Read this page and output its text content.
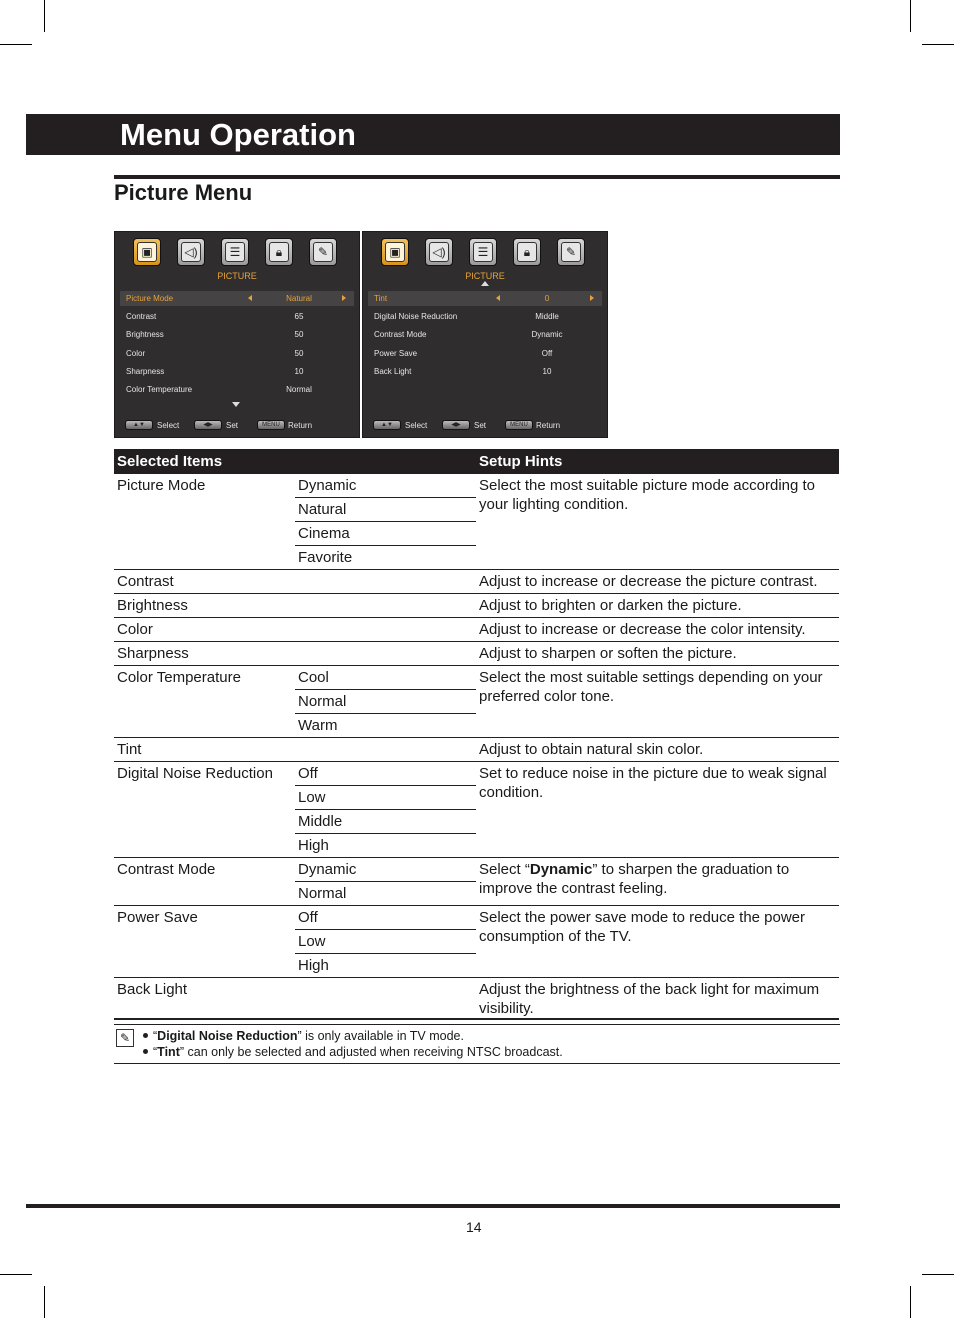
Menu Operation
Picture Menu
▣	◁)	☰	🔒︎	✎
PICTURE
Picture Mode	Natural
Contrast	65
Brightness	50
Color	50
Sharpness	10
Color Temperature	Normal
▲▼	Select	◀▶	Set	MENU	Return
▣	◁)	☰	🔒︎	✎
PICTURE
Tint	0
Digital Noise Reduction	Middle
Contrast Mode	Dynamic
Power Save	Off
Back Light	10
▲▼	Select	◀▶	Set	MENU	Return
Selected Items		Setup Hints
Picture Mode	Dynamic	Select the most suitable picture mode according to your lighting condition.
	Natural	
	Cinema	
	Favorite	
Contrast		Adjust to increase or decrease the picture contrast.
Brightness		Adjust to brighten or darken the picture.
Color		Adjust to increase or decrease the color intensity.
Sharpness		Adjust to sharpen or soften the picture.
Color Temperature	Cool	Select the most suitable settings depending on your preferred color tone.
	Normal	
	Warm	
Tint		Adjust to obtain natural skin color.
Digital Noise Reduction	Off	Set to reduce noise in the picture due to weak signal condition.
	Low	
	Middle	
	High	
Contrast Mode	Dynamic	Select “Dynamic” to sharpen the graduation to improve the contrast feeling.
	Normal	
Power Save	Off	Select the power save mode to reduce the power consumption of the TV.
	Low	
	High	
Back Light		Adjust the brightness of the back light for maximum visibility.
✎	“Digital Noise Reduction” is only available in TV mode.
“Tint” can only be selected and adjusted when receiving NTSC broadcast.
14
